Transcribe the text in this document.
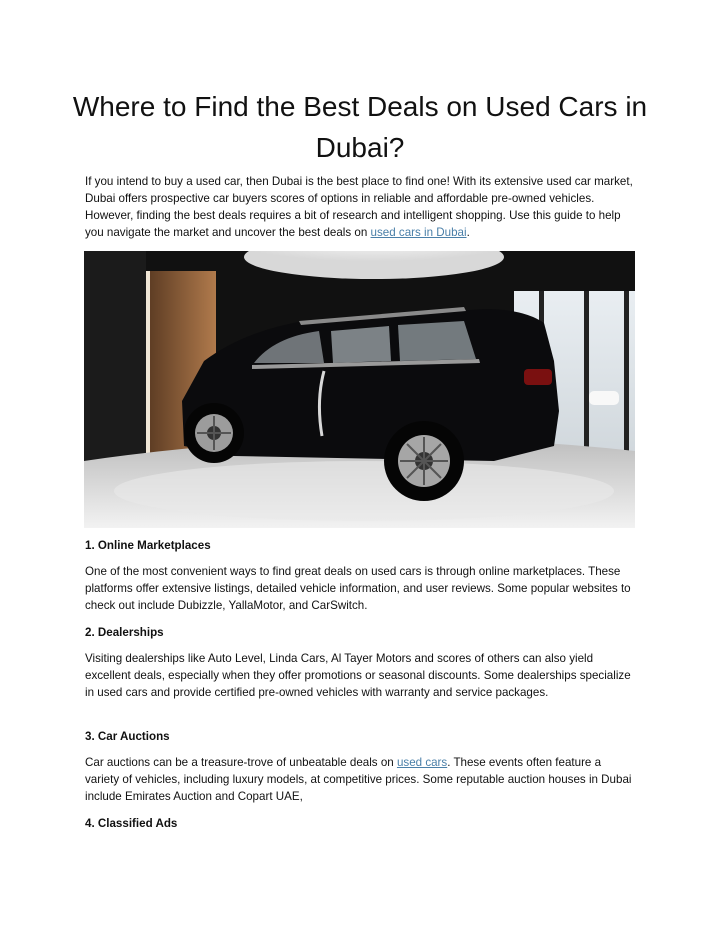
Where to Find the Best Deals on Used Cars in Dubai?

If you intend to buy a used car, then Dubai is the best place to find one! With its extensive used car market, Dubai offers prospective car buyers scores of options in reliable and affordable pre-owned vehicles. However, finding the best deals requires a bit of research and intelligent shopping. Use this guide to help you navigate the market and uncover the best deals on used cars in Dubai.

1. Online Marketplaces

One of the most convenient ways to find great deals on used cars is through online marketplaces. These platforms offer extensive listings, detailed vehicle information, and user reviews. Some popular websites to check out include Dubizzle, YallaMotor, and CarSwitch.

2. Dealerships

Visiting dealerships like Auto Level, Linda Cars, Al Tayer Motors and scores of others can also yield excellent deals, especially when they offer promotions or seasonal discounts. Some dealerships specialize in used cars and provide certified pre-owned vehicles with warranty and service packages.

3. Car Auctions

Car auctions can be a treasure-trove of unbeatable deals on used cars. These events often feature a variety of vehicles, including luxury models, at competitive prices. Some reputable auction houses in Dubai include Emirates Auction and Copart UAE,

4. Classified Ads
